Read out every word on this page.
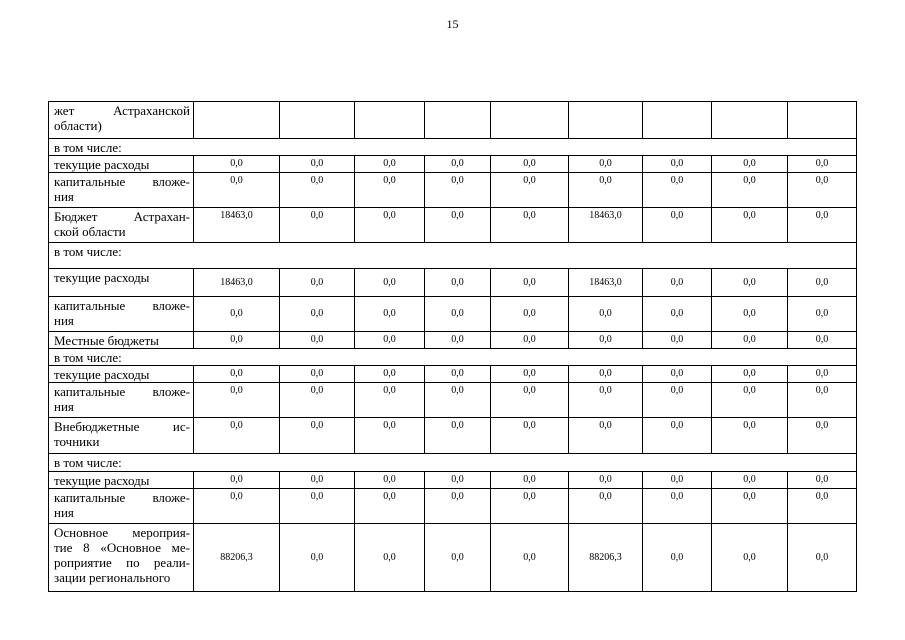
15
жет Астраханской
области)									

в том числе:									

текущие расходы	0,0	0,0	0,0	0,0	0,0	0,0	0,0	0,0	0,0

капитальные вложе-
ния	0,0	0,0	0,0	0,0	0,0	0,0	0,0	0,0	0,0

Бюджет Астрахан-
ской области	18463,0	0,0	0,0	0,0	0,0	18463,0	0,0	0,0	0,0
в том числе:									

текущие расходы	18463,0	0,0	0,0	0,0	0,0	18463,0	0,0	0,0	0,0

капитальные вложе-
ния	0,0	0,0	0,0	0,0	0,0	0,0	0,0	0,0	0,0

Местные бюджеты	0,0	0,0	0,0	0,0	0,0	0,0	0,0	0,0	0,0
в том числе:									

текущие расходы	0,0	0,0	0,0	0,0	0,0	0,0	0,0	0,0	0,0

капитальные вложе-
ния	0,0	0,0	0,0	0,0	0,0	0,0	0,0	0,0	0,0

Внебюджетные ис-
точники	0,0	0,0	0,0	0,0	0,0	0,0	0,0	0,0	0,0
в том числе:									

текущие расходы	0,0	0,0	0,0	0,0	0,0	0,0	0,0	0,0	0,0

капитальные вложе-
ния	0,0	0,0	0,0	0,0	0,0	0,0	0,0	0,0	0,0

Основное мероприя-
тие 8 «Основное ме-
роприятие по реали-
зации регионального	88206,3	0,0	0,0	0,0	0,0	88206,3	0,0	0,0	0,0
